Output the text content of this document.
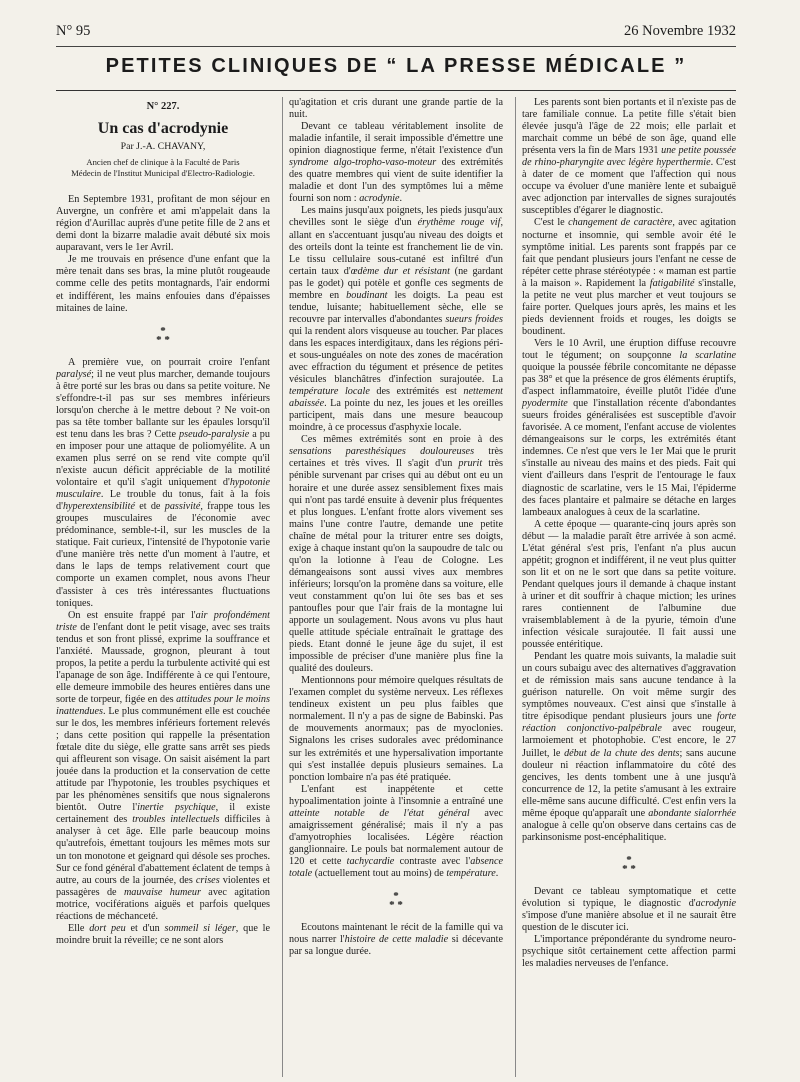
N° 95	26 Novembre 1932
PETITES CLINIQUES DE “ LA PRESSE MÉDICALE ”
N° 227.
Un cas d'acrodynie
Par J.-A. CHAVANY,
Ancien chef de clinique à la Faculté de Paris
Médecin de l'Institut Municipal d'Electro-Radiologie.

En Septembre 1931, profitant de mon séjour en Auvergne, un confrère et ami m'appelait dans la région d'Aurillac auprès d'une petite fille de 2 ans et demi dont la bizarre maladie avait débuté six mois auparavant, vers le 1er Avril.

Je me trouvais en présence d'une enfant que la mère tenait dans ses bras, la mine plutôt rougeaude comme celle des petits montagnards, l'air endormi et indifférent, les mains enfouies dans d'épaisses mitaines de laine.

*
* *

A première vue, on pourrait croire l'enfant paralysé; il ne veut plus marcher, demande toujours à être porté sur les bras ou dans sa petite voiture. Ne s'effondre-t-il pas sur ses membres inférieurs lorsqu'on cherche à le mettre debout ? Ne voit-on pas sa tête tomber ballante sur les épaules lorsqu'il est tenu dans les bras ? Cette pseudo-paralysie a pu en imposer pour une attaque de poliomyélite. A un examen plus serré on se rend vite compte qu'il n'existe aucun déficit appréciable de la motilité volontaire et qu'il s'agit uniquement d'hypotonie musculaire. Le trouble du tonus, fait à la fois d'hyperextensibilité et de passivité, frappe tous les groupes musculaires de l'économie avec prédominance, semble-t-il, sur les muscles de la statique. Fait curieux, l'intensité de l'hypotonie varie d'une manière très nette d'un moment à l'autre, et dans le laps de temps relativement court que comporte un examen complet, nous avons l'heur d'assister à ces très intéressantes fluctuations toniques.

On est ensuite frappé par l'air profondément triste de l'enfant dont le petit visage, avec ses traits tendus et son front plissé, exprime la souffrance et l'anxiété. Maussade, grognon, pleurant à tout propos, la petite a perdu la turbulente activité qui est l'apanage de son âge. Indifférente à ce qui l'entoure, elle demeure immobile des heures entières dans une sorte de torpeur, figée en des attitudes pour le moins inattendues. Le plus communément elle est couchée sur le dos, les membres inférieurs fortement relevés ; dans cette position qui rappelle la présentation fœtale dite du siège, elle gratte sans arrêt ses pieds qui affleurent son visage. On saisit aisément la part jouée dans la production et la conservation de cette attitude par l'hypotonie, les troubles psychiques et par les phénomènes sensitifs que nous signalerons bientôt. Outre l'inertie psychique, il existe certainement des troubles intellectuels difficiles à analyser à cet âge. Elle parle beaucoup moins qu'autrefois, émettant toujours les mêmes mots sur un ton monotone et geignard qui désole ses proches. Sur ce fond général d'abattement éclatent de temps à autre, au cours de la journée, des crises violentes et passagères de mauvaise humeur avec agitation motrice, vociférations aiguës et parfois quelques réactions de méchanceté.

Elle dort peu et d'un sommeil si léger, que le moindre bruit la réveille; ce ne sont alors

qu'agitation et cris durant une grande partie de la nuit.

Devant ce tableau véritablement insolite de maladie infantile, il serait impossible d'émettre une opinion diagnostique ferme, n'était l'existence d'un syndrome algo-tropho-vaso-moteur des extrémités des quatre membres qui vient de suite identifier la maladie et dont l'un des symptômes lui a même fourni son nom : acrodynie.

Les mains jusqu'aux poignets, les pieds jusqu'aux chevilles sont le siège d'un érythème rouge vif, allant en s'accentuant jusqu'au niveau des doigts et des orteils dont la teinte est franchement lie de vin. Le tissu cellulaire sous-cutané est infiltré d'un certain taux d'œdème dur et résistant (ne gardant pas le godet) qui potèle et gonfle ces segments de membre en boudinant les doigts. La peau est tendue, luisante; habituellement sèche, elle se recouvre par intervalles d'abondantes sueurs froides qui la rendent alors visqueuse au toucher. Par places dans les espaces interdigitaux, dans les régions péri- et sous-unguéales on note des zones de macération avec effraction du tégument et présence de petites vésicules blanchâtres d'infection surajoutée. La température locale des extrémités est nettement abaissée. La pointe du nez, les joues et les oreilles participent, mais dans une mesure beaucoup moindre, à ce processus d'asphyxie locale.

Ces mêmes extrémités sont en proie à des sensations paresthésiques douloureuses très certaines et très vives. Il s'agit d'un prurit très pénible survenant par crises qui au début ont eu un horaire et une durée assez sensiblement fixes mais qui n'ont pas tardé ensuite à devenir plus fréquentes et plus longues. L'enfant frotte alors vivement ses mains l'une contre l'autre, demande une petite chaîne de métal pour la triturer entre ses doigts, exige à chaque instant qu'on la saupoudre de talc ou qu'on la lotionne à l'eau de Cologne. Les démangeaisons sont aussi vives aux membres inférieurs; lorsqu'on la promène dans sa voiture, elle veut constamment qu'on lui ôte ses bas et ses pantoufles pour que l'air frais de la montagne lui apporte un soulagement. Nous avons vu plus haut quelle attitude spéciale entraînait le grattage des pieds. Etant donné le jeune âge du sujet, il est impossible de préciser d'une manière plus fine la qualité des douleurs.

Mentionnons pour mémoire quelques résultats de l'examen complet du système nerveux. Les réflexes tendineux existent un peu plus faibles que normalement. Il n'y a pas de signe de Babinski. Pas de mouvements anormaux; pas de myoclonies. Signalons les crises sudorales avec prédominance sur les extrémités et une hypersalivation importante qui s'est installée depuis plusieurs semaines. La ponction lombaire n'a pas été pratiquée.

L'enfant est inappétente et cette hypoalimentation jointe à l'insomnie a entraîné une atteinte notable de l'état général avec amaigrissement généralisé; mais il n'y a pas d'amyotrophies localisées. Légère réaction ganglionnaire. Le pouls bat normalement autour de 120 et cette tachycardie contraste avec l'absence totale (actuellement tout au moins) de température.

*
* *

Ecoutons maintenant le récit de la famille qui va nous narrer l'histoire de cette maladie si décevante par sa longue durée.

Les parents sont bien portants et il n'existe pas de tare familiale connue. La petite fille s'était bien élevée jusqu'à l'âge de 22 mois; elle parlait et marchait comme un bébé de son âge, quand elle présenta vers la fin de Mars 1931 une petite poussée de rhino-pharyngite avec légère hyperthermie. C'est à dater de ce moment que l'affection qui nous occupe va évoluer d'une manière lente et subaiguë avec adjonction par intervalles de signes surajoutés susceptibles d'égarer le diagnostic.

C'est le changement de caractère, avec agitation nocturne et insomnie, qui semble avoir été le symptôme initial. Les parents sont frappés par ce fait que pendant plusieurs jours l'enfant ne cesse de répéter cette phrase stéréotypée : « maman est partie à la maison ». Rapidement la fatigabilité s'installe, la petite ne veut plus marcher et veut toujours se faire porter. Quelques jours après, les mains et les pieds deviennent froids et rouges, les doigts se boudinent.

Vers le 10 Avril, une éruption diffuse recouvre tout le tégument; on soupçonne la scarlatine quoique la poussée fébrile concomitante ne dépasse pas 38° et que la présence de gros éléments éruptifs, d'aspect inflammatoire, éveille plutôt l'idée d'une pyodermite que l'installation récente d'abondantes sueurs froides généralisées est susceptible d'avoir favorisée. A ce moment, l'enfant accuse de violentes démangeaisons sur le corps, les extrémités étant indemnes. Ce n'est que vers le 1er Mai que le prurit s'installe au niveau des mains et des pieds. Fait qui vient d'ailleurs dans l'esprit de l'entourage le faux diagnostic de scarlatine, vers le 15 Mai, l'épiderme des faces plantaire et palmaire se détache en larges lambeaux analogues à ceux de la scarlatine.

A cette époque — quarante-cinq jours après son début — la maladie paraît être arrivée à son acmé. L'état général s'est pris, l'enfant n'a plus aucun appétit; grognon et indifférent, il ne veut plus quitter son lit et on ne le sort que dans sa petite voiture. Pendant quelques jours il demande à chaque instant à uriner et dit souffrir à chaque miction; les urines rares contiennent de l'albumine due vraisemblablement à de la pyurie, témoin d'une infection vésicale surajoutée. Il fait aussi une poussée entéritique.

Pendant les quatre mois suivants, la maladie suit un cours subaigu avec des alternatives d'aggravation et de rémission mais sans aucune tendance à la guérison naturelle. On voit même surgir des symptômes nouveaux. C'est ainsi que s'installe à titre épisodique pendant plusieurs jours une forte réaction conjonctivo-palpébrale avec rougeur, larmoiement et photophobie. C'est encore, le 27 Juillet, le début de la chute des dents; sans aucune douleur ni réaction inflammatoire du côté des gencives, les dents tombent une à une jusqu'à concurrence de 12, la petite s'amusant à les extraire elle-même sans aucune difficulté. C'est enfin vers la même époque qu'apparaît une abondante sialorrhée analogue à celle qu'on observe dans certains cas de parkinsonisme post-encéphalitique.

*
* *

Devant ce tableau symptomatique et cette évolution si typique, le diagnostic d'acrodynie s'impose d'une manière absolue et il ne saurait être question de le discuter ici.

L'importance prépondérante du syndrome neuro-psychique sitôt certainement cette affection parmi les maladies nerveuses de l'enfance.
